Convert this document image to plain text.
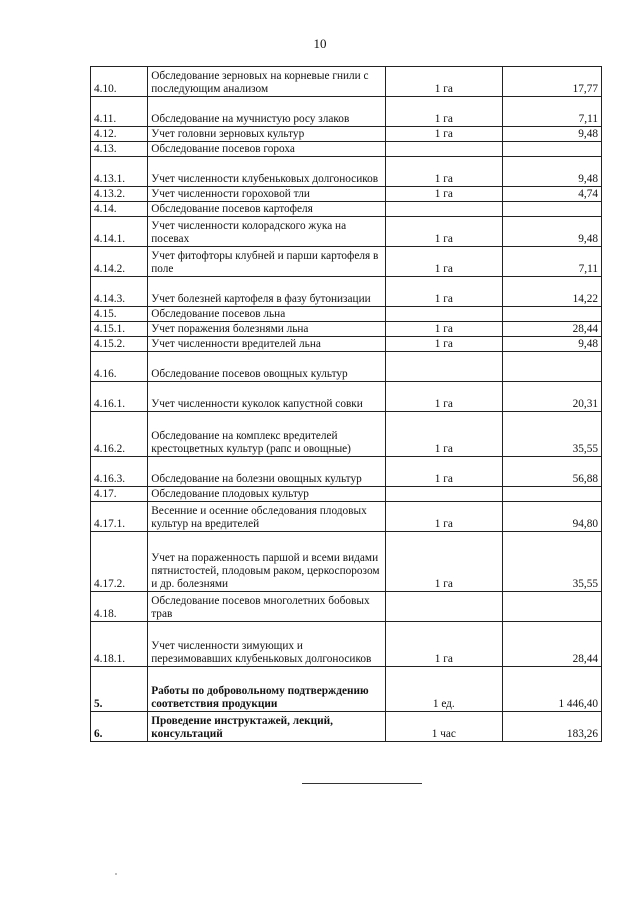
10
4.10.	Обследование зерновых на корневые гнили с последующим анализом	1 га	17,77
4.11.	Обследование на мучнистую росу злаков	1 га	7,11
4.12.	Учет головни зерновых культур	1 га	9,48
4.13.	Обследование посевов гороха		
4.13.1.	Учет численности клубеньковых долгоносиков	1 га	9,48
4.13.2.	Учет численности гороховой тли	1 га	4,74
4.14.	Обследование посевов картофеля		
4.14.1.	Учет численности колорадского жука на посевах	1 га	9,48
4.14.2.	Учет фитофторы клубней и парши картофеля в поле	1 га	7,11
4.14.3.	Учет болезней картофеля в фазу бутонизации	1 га	14,22
4.15.	Обследование посевов льна		
4.15.1.	Учет поражения болезнями льна	1 га	28,44
4.15.2.	Учет численности вредителей льна	1 га	9,48
4.16.	Обследование посевов овощных культур		
4.16.1.	Учет численности куколок капустной совки	1 га	20,31
4.16.2.	Обследование на комплекс вредителей крестоцветных культур (рапс и овощные)	1 га	35,55
4.16.3.	Обследование на болезни овощных культур	1 га	56,88
4.17.	Обследование плодовых культур		
4.17.1.	Весенние и осенние обследования плодовых культур на вредителей	1 га	94,80
4.17.2.	Учет на пораженность паршой и всеми видами пятнистостей, плодовым раком, церкоспорозом и др. болезнями	1 га	35,55
4.18.	Обследование посевов многолетних бобовых трав		
4.18.1.	Учет численности зимующих и перезимовавших клубеньковых долгоносиков	1 га	28,44
5.	Работы по добровольному подтверждению соответствия продукции	1 ед.	1 446,40
6.	Проведение инструктажей, лекций, консультаций	1 час	183,26
